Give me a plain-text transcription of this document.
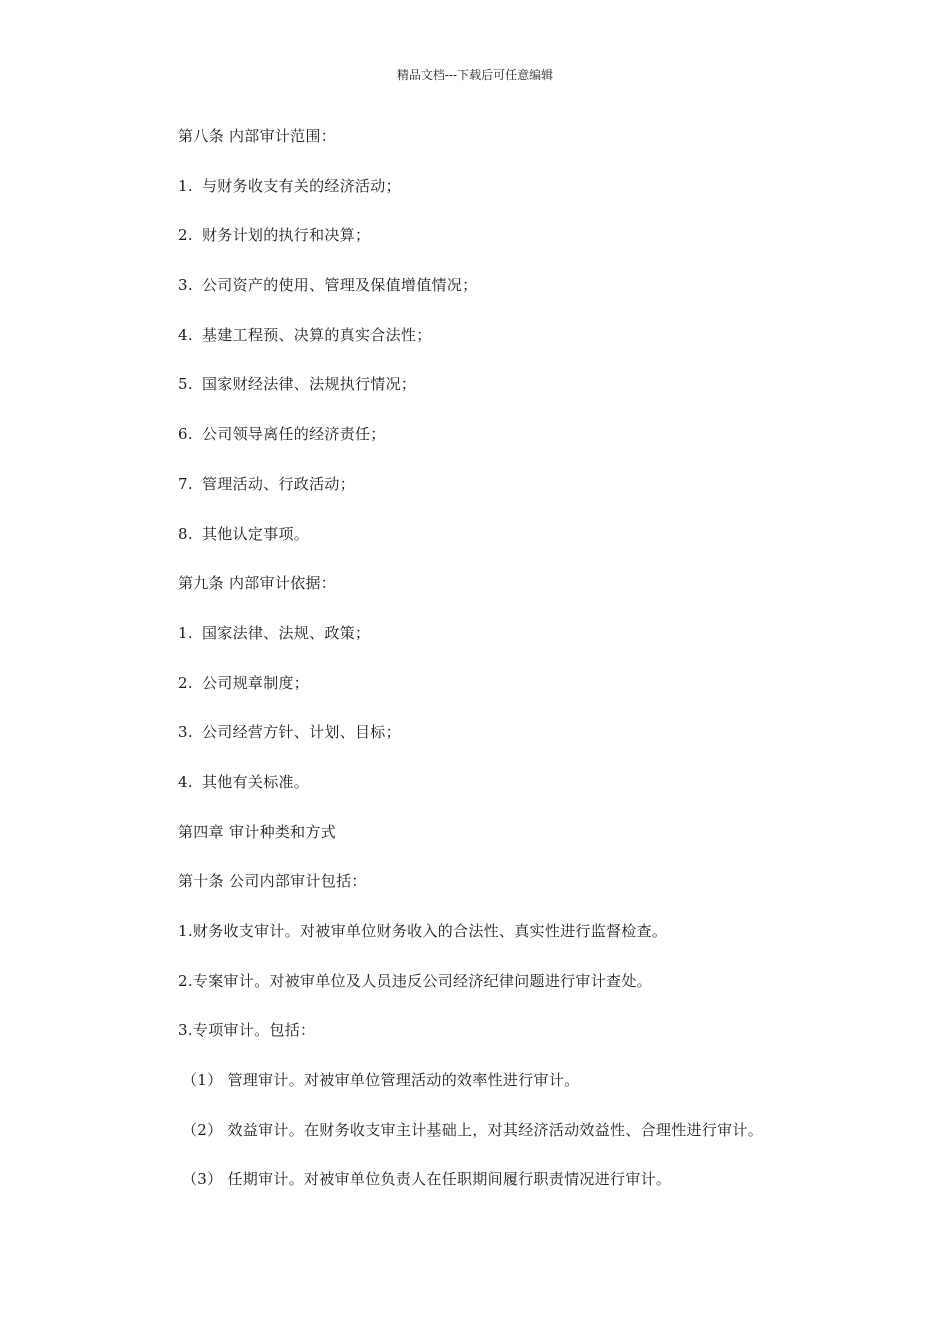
精品文档---下载后可任意编辑
第八条 内部审计范围：
1. 与财务收支有关的经济活动；
2. 财务计划的执行和决算；
3. 公司资产的使用、管理及保值增值情况；
4. 基建工程预、决算的真实合法性；
5. 国家财经法律、法规执行情况；
6. 公司领导离任的经济责任；
7. 管理活动、行政活动；
8. 其他认定事项。
第九条 内部审计依据：
1. 国家法律、法规、政策；
2. 公司规章制度；
3. 公司经营方针、计划、目标；
4. 其他有关标准。
第四章 审计种类和方式
第十条 公司内部审计包括：
1.财务收支审计。对被审单位财务收入的合法性、真实性进行监督检查。
2.专案审计。对被审单位及人员违反公司经济纪律问题进行审计查处。
3.专项审计。包括：
（1） 管理审计。对被审单位管理活动的效率性进行审计。
（2） 效益审计。在财务收支审主计基础上，对其经济活动效益性、合理性进行审计。
（3） 任期审计。对被审单位负责人在任职期间履行职责情况进行审计。
